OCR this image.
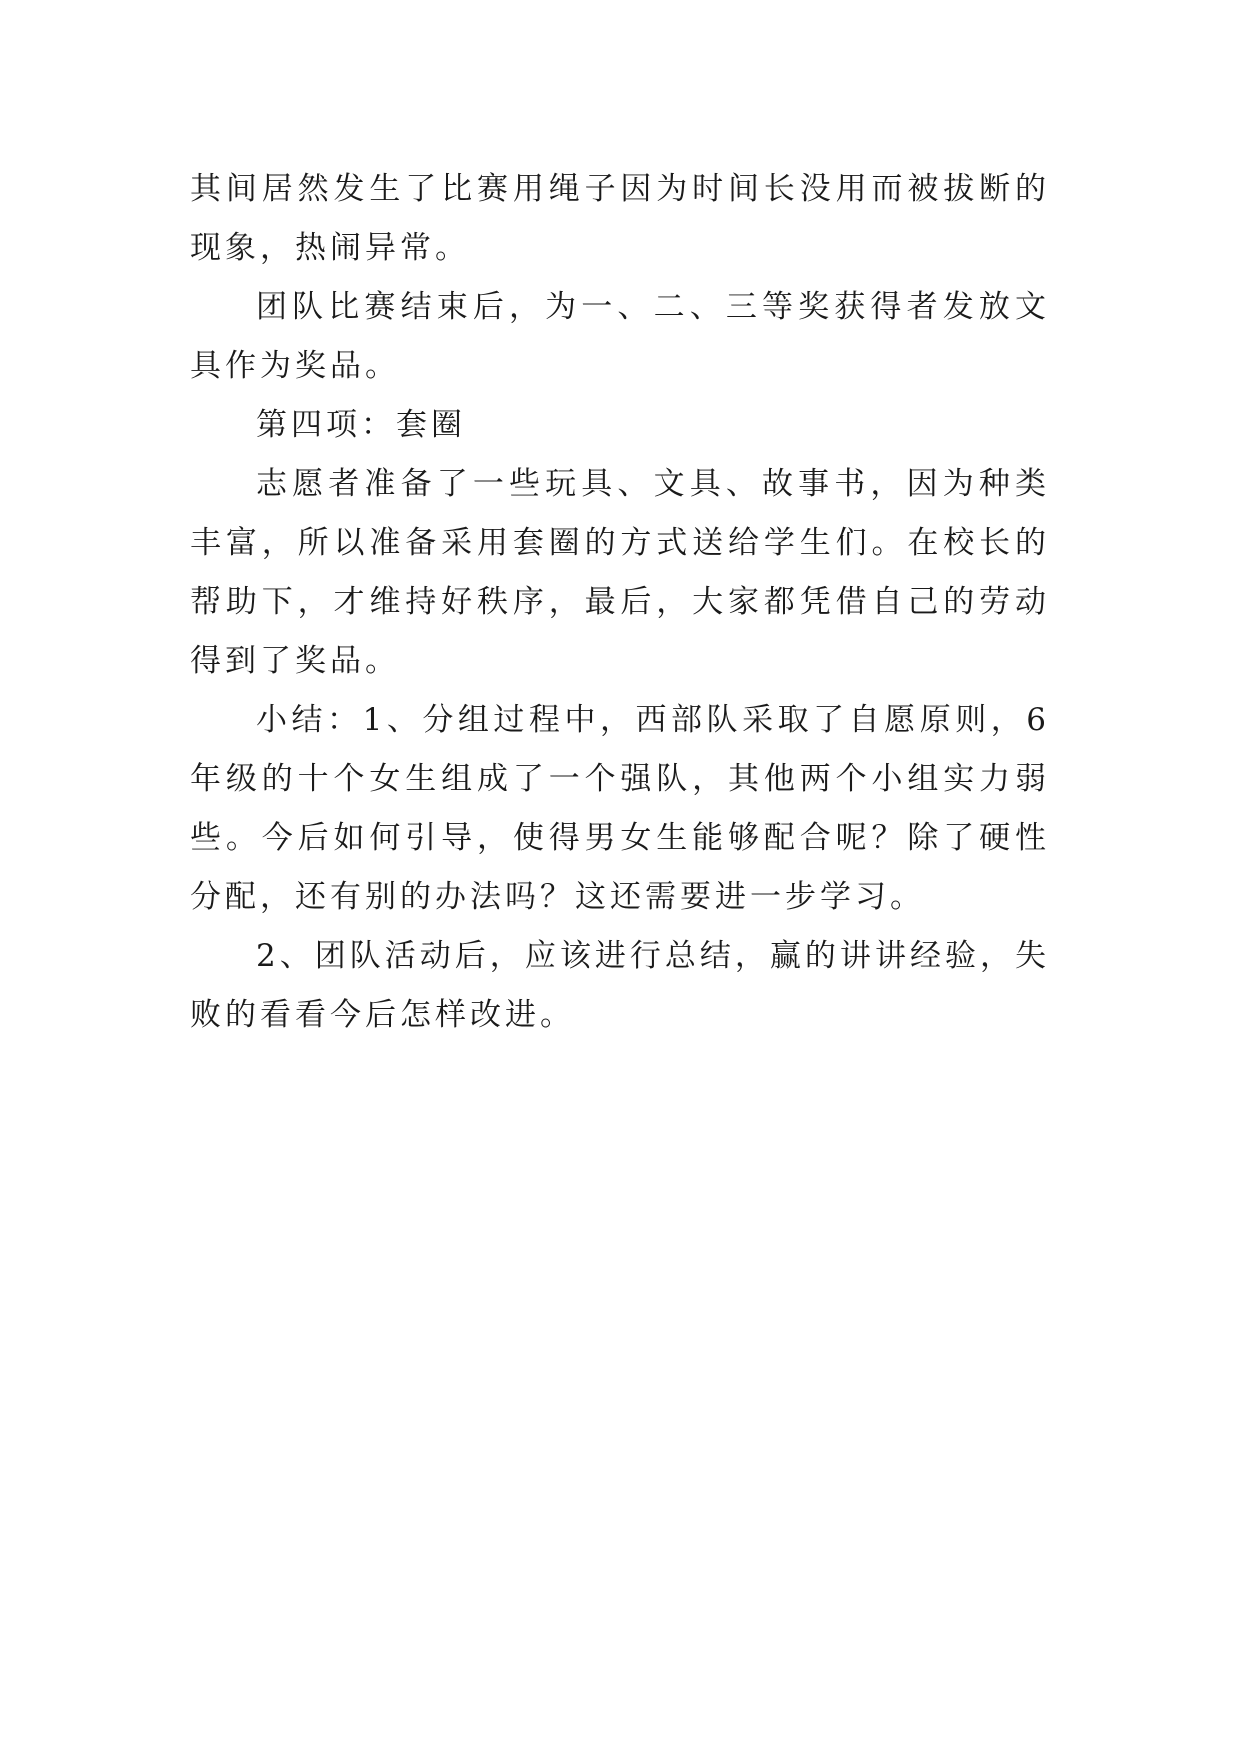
其间居然发生了比赛用绳子因为时间长没用而被拔断的现象，热闹异常。

团队比赛结束后，为一、二、三等奖获得者发放文具作为奖品。

第四项：套圈

志愿者准备了一些玩具、文具、故事书，因为种类丰富，所以准备采用套圈的方式送给学生们。在校长的帮助下，才维持好秩序，最后，大家都凭借自己的劳动得到了奖品。

小结：1、分组过程中，西部队采取了自愿原则，6年级的十个女生组成了一个强队，其他两个小组实力弱些。今后如何引导，使得男女生能够配合呢？除了硬性分配，还有别的办法吗？这还需要进一步学习。

2、团队活动后，应该进行总结，赢的讲讲经验，失败的看看今后怎样改进。
